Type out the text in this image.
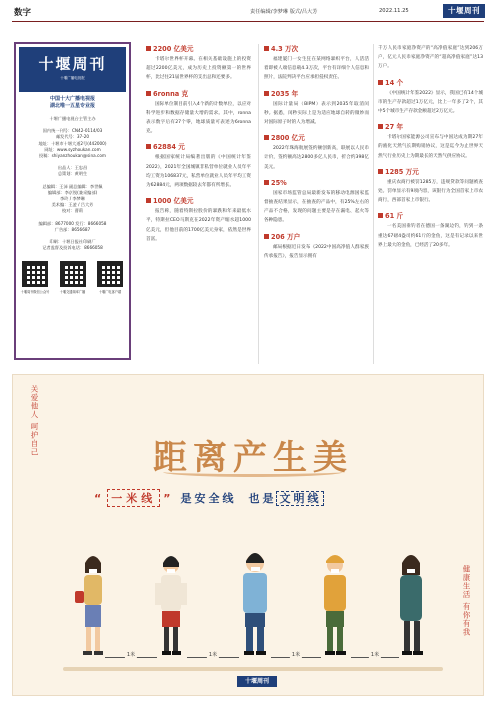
数字	责任编辑/李梦琳 版式/吕大芳	2022.11.25	十堰周刊
十堰周刊
十堰广播电视报
中国十大广播电视报
湖北唯一五星专业报
十堰广播电视台主管主办
国内统一刊号：CN42-0114/03
邮发代号：37-20
地址：十堰市十堰大道2号(442000)
网址：www.syzhoukan.com
投稿：shiyanzhoukan@sina.com
出品人：王忠昌
总策划：黄明生
总编辑：王沛 副总编辑：李世佩
编辑部：李京锐(兼采编部)
李玲 / 李梦琳
美术编：王凌 / 吕大芳
校对：曹莉
编辑部：8677000 发行：8666058
广告部：8656687
印刷：十堰日报社印刷厂
记者监督及投诉电话：8666058
十堰周刊微信公众号	十堰交通频率广播	十堰广电客户端
2200 亿美元
卡塔尔世界杯开幕。在相关基础设施上的投资超过2200亿美元，成为历史上投资额第一的世界杯，比过往21届世界杯的支出总和还要多。
6ronna 克
国际单位制目前引入4个新的计数单位，以应对科学进步和数据存储量大增的需求。其中，ronna表示数字后有27个零，地球质量可表述为6ronna克。
62884 元
根据国家统计局编著出版的《中国统计年鉴2022》，2021年全国城镇非私营单位就业人员年平均工资为106837元，私营单位就业人员年平均工资为62884元，两项数据较去年都有所增长。
1000 亿美元
报告称，随着特斯拉股价的暴跌和年来最低水平，特斯拉CEO马斯克在2022年资产缩水超1000亿美元，但他目前的1700亿美元身家，依然是世界首富。
4.3 万次
福建厦门一女生狂在某网络暴织平台，人活活着即被人端信息载4.3万次，平台有详细个人信息和照片，法院判决平台应承担侵权责任。
2035 年
国际计量局（BIPM）表示到2035年取消闰秒。据悉，闰秒实际上是为适应地球自转的微妙而对国际原子时的人为增减。
2800 亿元
2022年珠海航展签约额创新高，联展以人民币计价，签约额高达2800多亿人民币，折合约398亿美元。
25%
国家市场监管总局最新发布的移动电源国家监督抽查结果显示，在抽查的产品中，有25%左右的产品不合格，发现的问题主要是存在漏电、起火等各种隐患。
206 万户
邮局根据近日发布《2022中国高净值人群家族传承报告》，报告显示拥有
千万人民币家庭净资产的“高净值家庭”达到206万户，亿元人民币家庭净资产的“超高净值家庭”达13万户。
14 个
《中国统计年鉴2022》显示，我国已有14个城市的生产存款超过1万亿元，比上一年多了2个，其中5个城市生产存款金额超过2万亿元。
27 年
卡塔尔国家能源公司宣布与中国达成为期27年的液化天然气长期购销协议，这是迄今为止世界天然气行业历史上为期最长的天然气供应协议。
1285 万元
重庆农商行被罚1285万，违规贷款等问题被查处。罚单显示有9项内容，该银行为全国首家上市农商行，西部首家上市银行。
61 斤
一名美国垂钓者在德国一条湖边钓，钓到一条重达67磅4盎司约61斤的金鱼，这是有记录以来世界上最大的金鱼，已经活了20多年。
关爱他人 呵护自己
健康生活 有你有我
距离产生美
“ 一米线 ” 是安全线 也是 文明线
1米	1米	1米	1米
十堰周刊
